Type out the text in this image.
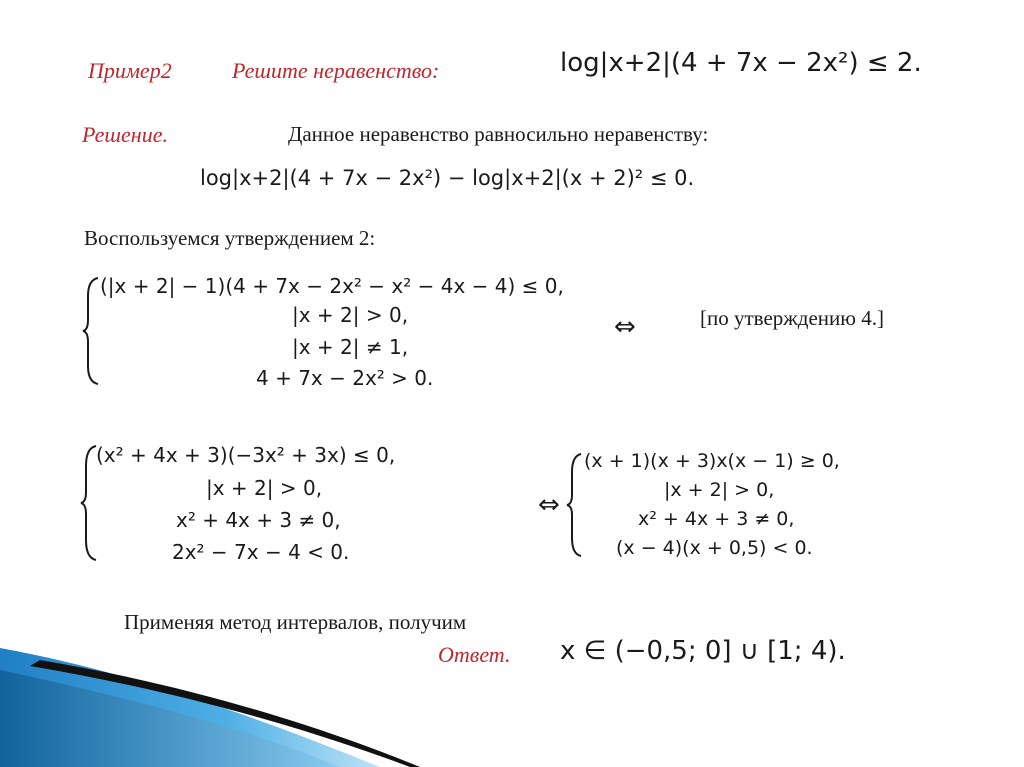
Пример2	Решите неравенство:	log|x+2|(4 + 7x − 2x²) ≤ 2.
Решение.	Данное неравенство равносильно неравенству:
log|x+2|(4 + 7x − 2x²) − log|x+2|(x + 2)² ≤ 0.
Воспользуемся утверждением 2:
(|x + 2| − 1)(4 + 7x − 2x² − x² − 4x − 4) ≤ 0,
|x + 2| > 0,
|x + 2| ≠ 1,
4 + 7x − 2x² > 0.
⇔	[по утверждению 4.]
(x² + 4x + 3)(−3x² + 3x) ≤ 0,
|x + 2| > 0,
x² + 4x + 3 ≠ 0,
2x² − 7x − 4 < 0.
⇔
(x + 1)(x + 3)x(x − 1) ≥ 0,
|x + 2| > 0,
x² + 4x + 3 ≠ 0,
(x − 4)(x + 0,5) < 0.
Применяя метод интервалов, получим
Ответ. x ∈ (−0,5; 0] ∪ [1; 4).
